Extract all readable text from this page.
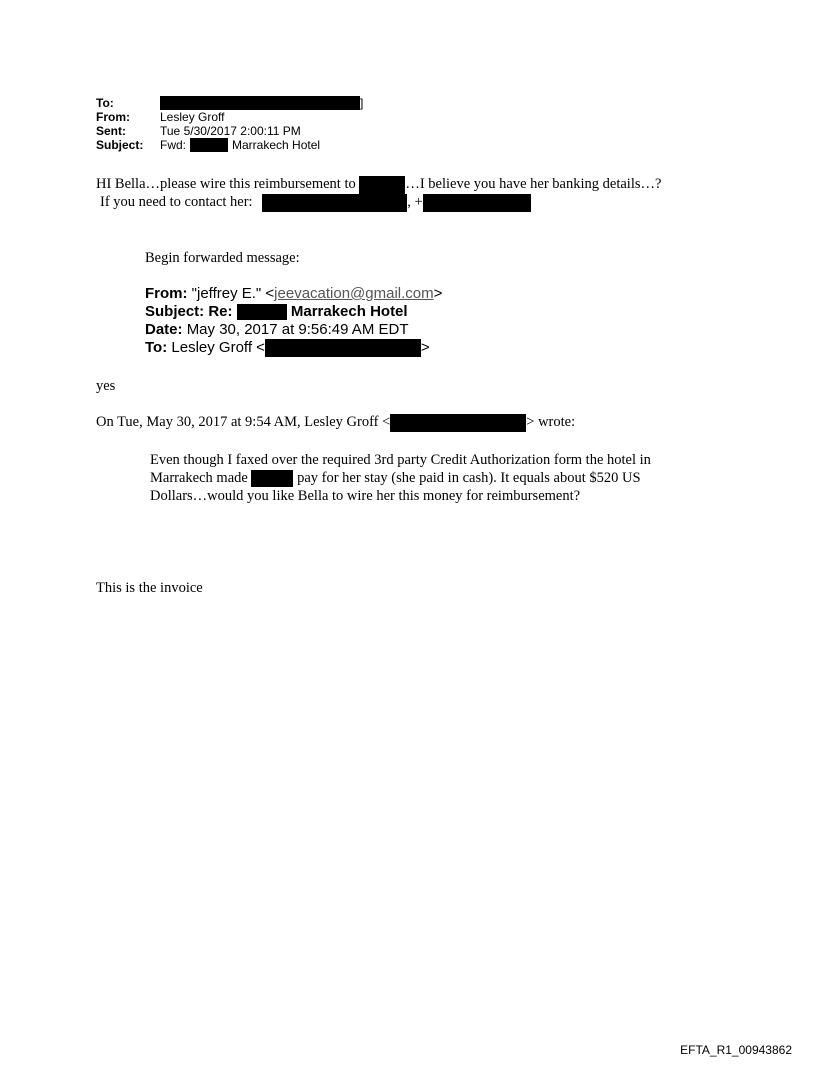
To:	]
From:	Lesley Groff
Sent:	Tue 5/30/2017 2:00:11 PM
Subject:	Fwd:	Marrakech Hotel
HI Bella…please wire this reimbursement to	…I believe you have her banking details…?
If you need to contact her:	, +
Begin forwarded message:
From: "jeffrey E." <jeevacation@gmail.com>
Subject: Re:	Marrakech Hotel
Date: May 30, 2017 at 9:56:49 AM EDT
To: Lesley Groff <	>
yes
On Tue, May 30, 2017 at 9:54 AM, Lesley Groff <	> wrote:
Even though I faxed over the required 3rd party Credit Authorization form the hotel in Marrakech made	pay for her stay (she paid in cash). It equals about $520 US Dollars…would you like Bella to wire her this money for reimbursement?
This is the invoice
EFTA_R1_00943862
